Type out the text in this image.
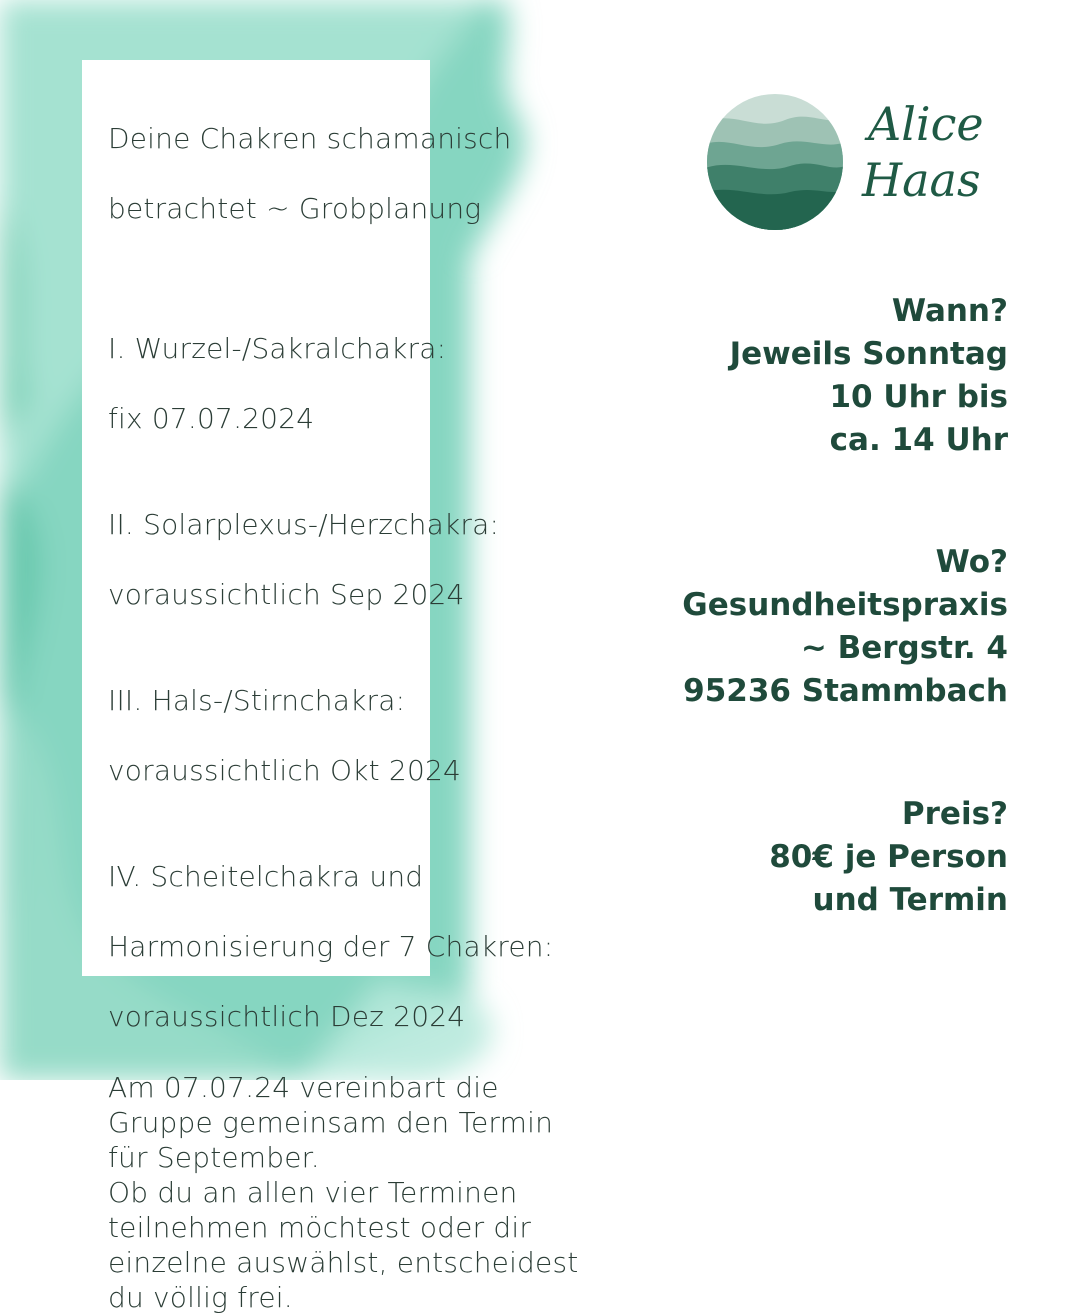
Deine Chakren schamanisch

betrachtet ~ Grobplanung

I. Wurzel-/Sakralchakra:

fix 07.07.2024

II. Solarplexus-/Herzchakra:

voraussichtlich Sep 2024

III. Hals-/Stirnchakra:

voraussichtlich Okt 2024

IV. Scheitelchakra und

Harmonisierung der 7 Chakren:

voraussichtlich Dez 2024

Am 07.07.24 vereinbart die
Gruppe gemeinsam den Termin
für September.
Ob du an allen vier Terminen
teilnehmen möchtest oder dir
einzelne auswählst, entscheidest
du völlig frei.
Alice
Haas
Wann?
Jeweils Sonntag
10 Uhr bis
ca. 14 Uhr
Wo?
Gesundheitspraxis
~ Bergstr. 4
95236 Stammbach
Preis?
80€ je Person
und Termin
